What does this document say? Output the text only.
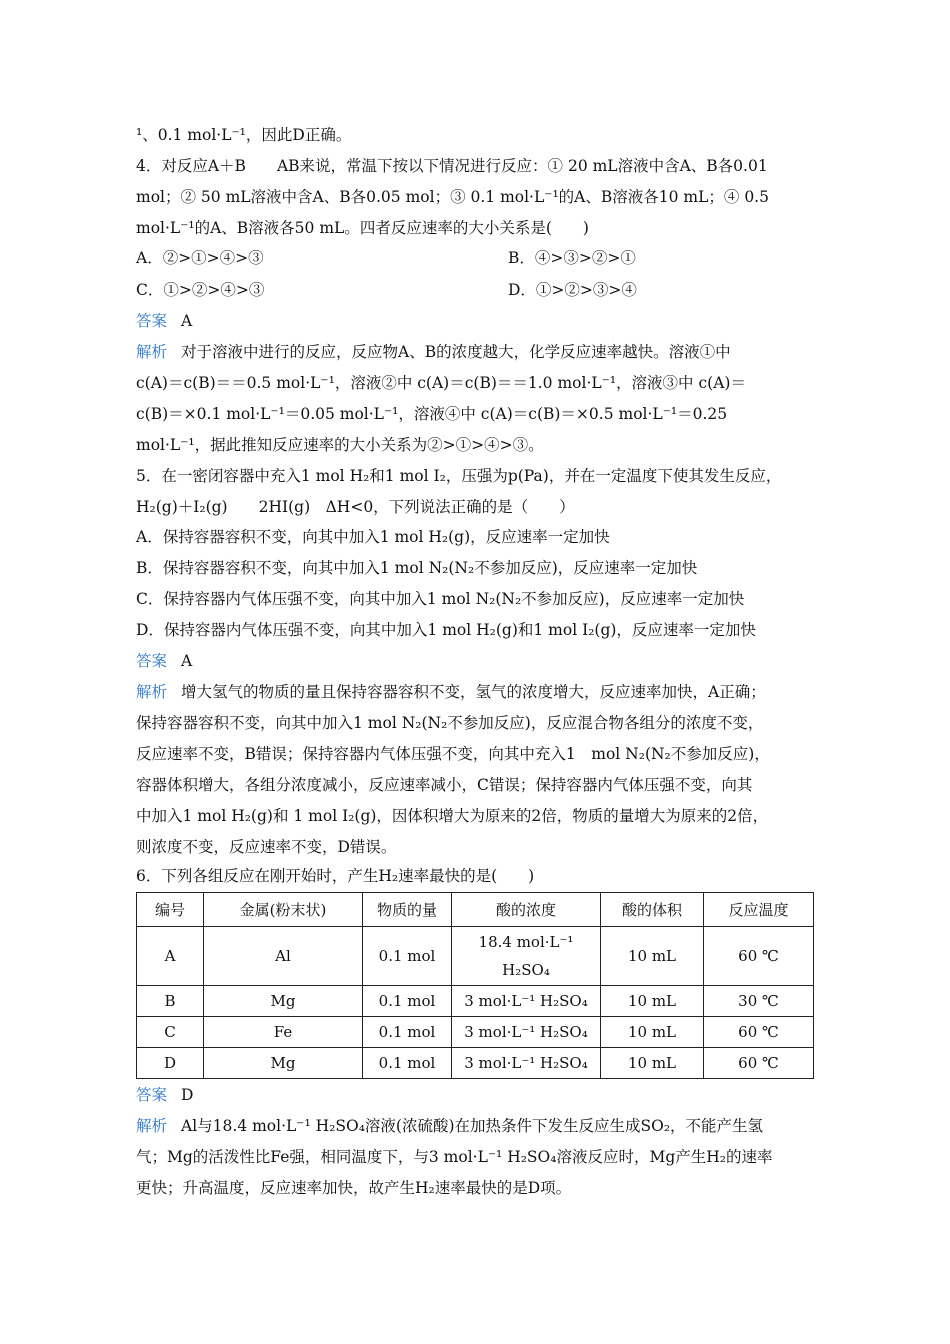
¹、0.1 mol·L⁻¹，因此D正确。
4．对反应A＋B　　AB来说，常温下按以下情况进行反应：① 20 mL溶液中含A、B各0.01
mol；② 50 mL溶液中含A、B各0.05 mol；③ 0.1 mol·L⁻¹的A、B溶液各10 mL；④ 0.5
mol·L⁻¹的A、B溶液各50 mL。四者反应速率的大小关系是(　　)
A．②>①>④>③	B．④>③>②>①
C．①>②>④>③	D．①>②>③>④
答案 A
解析 对于溶液中进行的反应，反应物A、B的浓度越大，化学反应速率越快。溶液①中
c(A)＝c(B)＝＝0.5 mol·L⁻¹，溶液②中 c(A)＝c(B)＝＝1.0 mol·L⁻¹，溶液③中 c(A)＝
c(B)＝×0.1 mol·L⁻¹＝0.05 mol·L⁻¹，溶液④中 c(A)＝c(B)＝×0.5 mol·L⁻¹＝0.25
mol·L⁻¹，据此推知反应速率的大小关系为②>①>④>③。
5．在一密闭容器中充入1 mol H₂和1 mol I₂，压强为p(Pa)，并在一定温度下使其发生反应，
H₂(g)＋I₂(g)　　2HI(g)　ΔH<0，下列说法正确的是（　　）
A．保持容器容积不变，向其中加入1 mol H₂(g)，反应速率一定加快
B．保持容器容积不变，向其中加入1 mol N₂(N₂不参加反应)，反应速率一定加快
C．保持容器内气体压强不变，向其中加入1 mol N₂(N₂不参加反应)，反应速率一定加快
D．保持容器内气体压强不变，向其中加入1 mol H₂(g)和1 mol I₂(g)，反应速率一定加快
答案 A
解析 增大氢气的物质的量且保持容器容积不变，氢气的浓度增大，反应速率加快，A正确；
保持容器容积不变，向其中加入1 mol N₂(N₂不参加反应)，反应混合物各组分的浓度不变，
反应速率不变，B错误；保持容器内气体压强不变，向其中充入1　mol N₂(N₂不参加反应)，
容器体积增大，各组分浓度减小，反应速率减小，C错误；保持容器内气体压强不变，向其
中加入1 mol H₂(g)和 1 mol I₂(g)，因体积增大为原来的2倍，物质的量增大为原来的2倍，
则浓度不变，反应速率不变，D错误。
6．下列各组反应在刚开始时，产生H₂速率最快的是(　　)
编号	金属(粉末状)	物质的量	酸的浓度	酸的体积	反应温度
A	Al	0.1 mol	18.4 mol·L⁻¹
H₂SO₄	10 mL	60 ℃
B	Mg	0.1 mol	3 mol·L⁻¹ H₂SO₄	10 mL	30 ℃
C	Fe	0.1 mol	3 mol·L⁻¹ H₂SO₄	10 mL	60 ℃
D	Mg	0.1 mol	3 mol·L⁻¹ H₂SO₄	10 mL	60 ℃
答案 D
解析 Al与18.4 mol·L⁻¹ H₂SO₄溶液(浓硫酸)在加热条件下发生反应生成SO₂，不能产生氢
气；Mg的活泼性比Fe强，相同温度下，与3 mol·L⁻¹ H₂SO₄溶液反应时，Mg产生H₂的速率
更快；升高温度，反应速率加快，故产生H₂速率最快的是D项。
